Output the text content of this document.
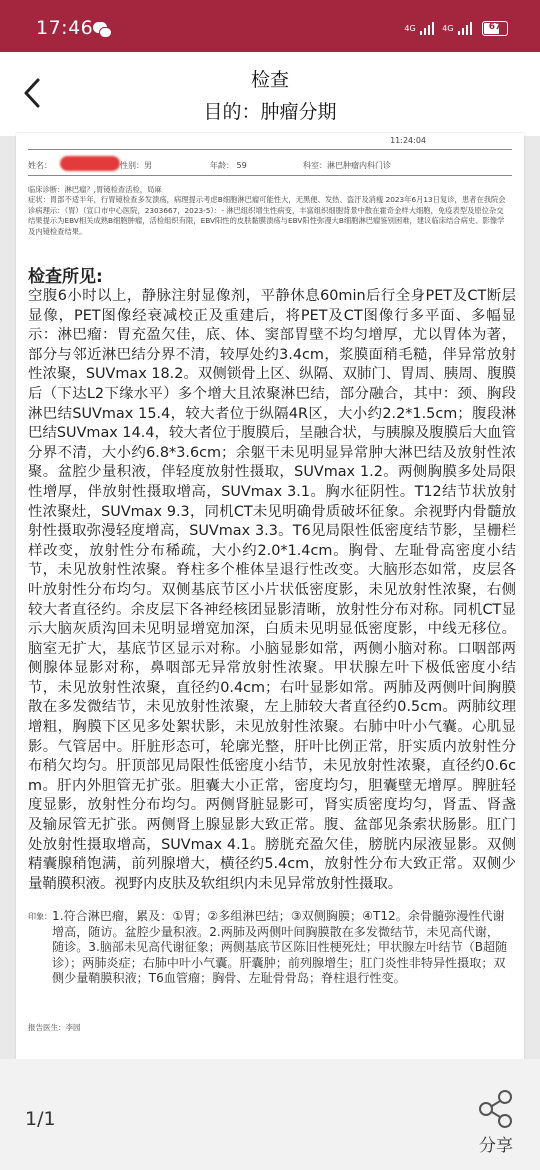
17:46	4G	4G	67
检查
目的：肿瘤分期
11:24:04
姓名：	性别：男	年龄： 59	科室：淋巴肿瘤内科门诊
临床诊断：淋巴瘤？,胃镜检查活检，局麻
症状：胃部不适半年，行胃镜检查多发溃疡，病理提示考虑B细胞淋巴瘤可能性大，无黑便、发热、盗汗及消瘦 2023年6月13日复诊，患者在我院会诊病理示：（胃）（宣口市中心医院，2303667，2023-5）：- 淋巴组织增生性病变，丰富组织细胞背景中散在霍奇金样大细胞，免疫表型及原位杂交结果提示为EBV相关成熟B细胞肿瘤，活检组织有限，EBV阳性的皮肤黏膜溃疡与EBV阳性弥漫大B细胞淋巴瘤鉴别困难，建议临床结合病史、影像学及内镜检查结果。
检查所见:
空腹6小时以上，静脉注射显像剂，平静休息60min后行全身PET及CT断层显像，PET图像经衰减校正及重建后，将PET及CT图像行多平面、多幅显示：淋巴瘤：胃充盈欠佳，底、体、窦部胃壁不均匀增厚，尤以胃体为著，部分与邻近淋巴结分界不清，较厚处约3.4cm，浆膜面稍毛糙，伴异常放射性浓聚，SUVmax 18.2。双侧锁骨上区、纵隔、双肺门、胃周、胰周、腹膜后（下达L2下缘水平）多个增大且浓聚淋巴结，部分融合，其中：颈、胸段淋巴结SUVmax 15.4，较大者位于纵隔4R区，大小约2.2*1.5cm；腹段淋巴结SUVmax 14.4，较大者位于腹膜后，呈融合状，与胰腺及腹膜后大血管分界不清，大小约6.8*3.6cm；余躯干未见明显异常肿大淋巴结及放射性浓聚。盆腔少量积液，伴轻度放射性摄取，SUVmax 1.2。两侧胸膜多处局限性增厚，伴放射性摄取增高，SUVmax 3.1。胸水征阴性。T12结节状放射性浓聚灶，SUVmax 9.3，同机CT未见明确骨质破坏征象。余视野内骨髓放射性摄取弥漫轻度增高，SUVmax 3.3。T6见局限性低密度结节影，呈栅栏样改变，放射性分布稀疏，大小约2.0*1.4cm。胸骨、左耻骨高密度小结节，未见放射性浓聚。脊柱多个椎体呈退行性改变。大脑形态如常，皮层各叶放射性分布均匀。双侧基底节区小片状低密度影，未见放射性浓聚，右侧较大者直径约。余皮层下各神经核团显影清晰，放射性分布对称。同机CT显示大脑灰质沟回未见明显增宽加深，白质未见明显低密度影，中线无移位。脑室无扩大，基底节区显示对称。小脑显影如常，两侧小脑对称。口咽部两侧腺体显影对称，鼻咽部无异常放射性浓聚。甲状腺左叶下极低密度小结节，未见放射性浓聚，直径约0.4cm；右叶显影如常。两肺及两侧叶间胸膜散在多发微结节，未见放射性浓聚，左上肺较大者直径约0.5cm。两肺纹理增粗，胸膜下区见多处絮状影，未见放射性浓聚。右肺中叶小气囊。心肌显影。气管居中。肝脏形态可，轮廓光整，肝叶比例正常，肝实质内放射性分布稍欠均匀。肝顶部见局限性低密度小结节，未见放射性浓聚，直径约0.6cm。肝内外胆管无扩张。胆囊大小正常，密度均匀，胆囊壁无增厚。脾脏轻度显影，放射性分布均匀。两侧肾脏显影可，肾实质密度均匀，肾盂、肾盏及输尿管无扩张。两侧肾上腺显影大致正常。腹、盆部见条索状肠影。肛门处放射性摄取增高，SUVmax 4.1。膀胱充盈欠佳，膀胱内尿液显影。双侧精囊腺稍饱满，前列腺增大，横径约5.4cm，放射性分布大致正常。双侧少量鞘膜积液。视野内皮肤及软组织内未见异常放射性摄取。
印象： 1.符合淋巴瘤，累及：①胃；②多组淋巴结；③双侧胸膜；④T12。余骨髓弥漫性代谢增高，随访。盆腔少量积液。2.两肺及两侧叶间胸膜散在多发微结节，未见高代谢，随诊。3.脑部未见高代谢征象；两侧基底节区陈旧性梗死灶；甲状腺左叶结节（B超随诊）；两肺炎症；右肺中叶小气囊。肝囊肿；前列腺增生；肛门炎性非特异性摄取；双侧少量鞘膜积液；T6血管瘤；胸骨、左耻骨骨岛；脊柱退行性变。
报告医生：李园
1/1
分享
